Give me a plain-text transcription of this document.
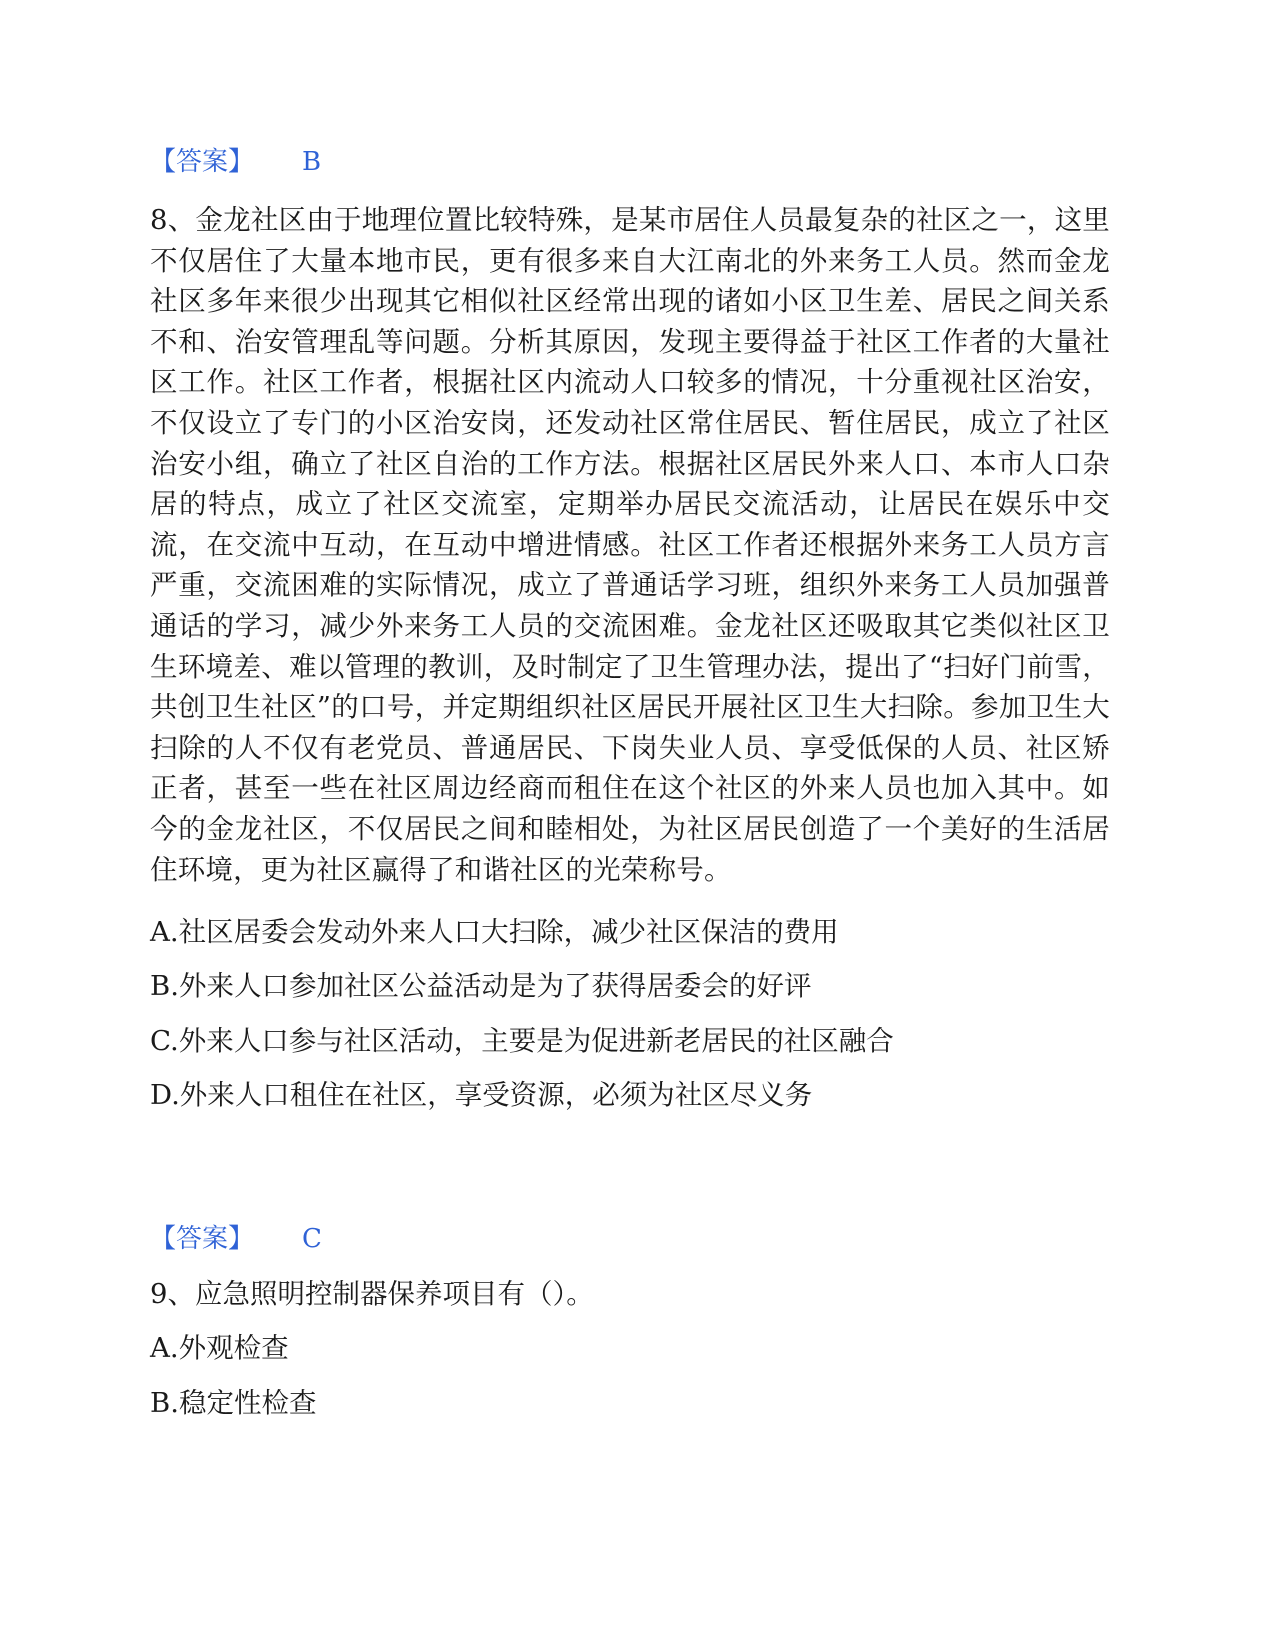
【答案】 B
8、金龙社区由于地理位置比较特殊，是某市居住人员最复杂的社区之一，这里不仅居住了大量本地市民，更有很多来自大江南北的外来务工人员。然而金龙社区多年来很少出现其它相似社区经常出现的诸如小区卫生差、居民之间关系不和、治安管理乱等问题。分析其原因，发现主要得益于社区工作者的大量社区工作。社区工作者，根据社区内流动人口较多的情况，十分重视社区治安，不仅设立了专门的小区治安岗，还发动社区常住居民、暂住居民，成立了社区治安小组，确立了社区自治的工作方法。根据社区居民外来人口、本市人口杂居的特点，成立了社区交流室，定期举办居民交流活动，让居民在娱乐中交流，在交流中互动，在互动中增进情感。社区工作者还根据外来务工人员方言严重，交流困难的实际情况，成立了普通话学习班，组织外来务工人员加强普通话的学习，减少外来务工人员的交流困难。金龙社区还吸取其它类似社区卫生环境差、难以管理的教训，及时制定了卫生管理办法，提出了“扫好门前雪，共创卫生社区”的口号，并定期组织社区居民开展社区卫生大扫除。参加卫生大扫除的人不仅有老党员、普通居民、下岗失业人员、享受低保的人员、社区矫正者，甚至一些在社区周边经商而租住在这个社区的外来人员也加入其中。如今的金龙社区，不仅居民之间和睦相处，为社区居民创造了一个美好的生活居住环境，更为社区赢得了和谐社区的光荣称号。
A.社区居委会发动外来人口大扫除，减少社区保洁的费用
B.外来人口参加社区公益活动是为了获得居委会的好评
C.外来人口参与社区活动，主要是为促进新老居民的社区融合
D.外来人口租住在社区，享受资源，必须为社区尽义务
【答案】 C
9、应急照明控制器保养项目有（）。
A.外观检查
B.稳定性检查
